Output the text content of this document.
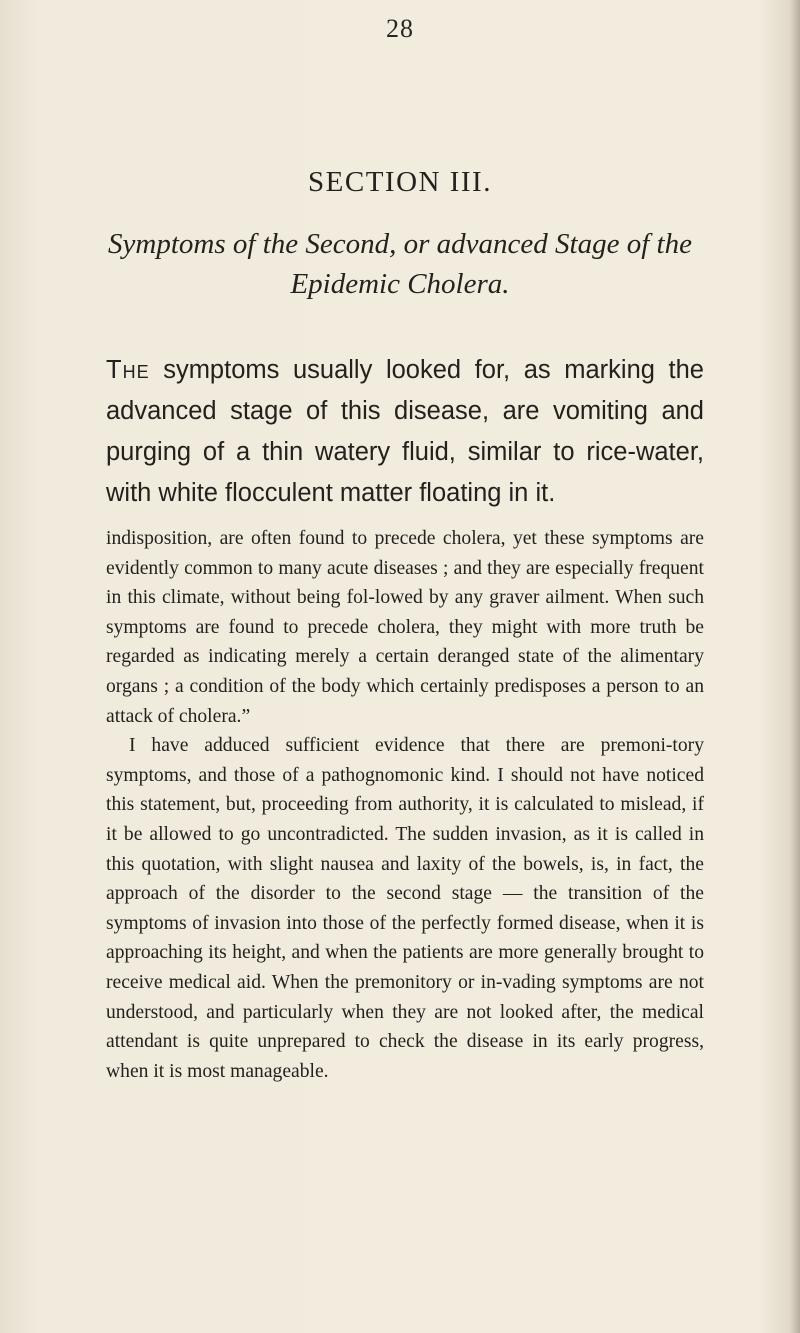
28
SECTION III.
Symptoms of the Second, or advanced Stage of the Epidemic Cholera.
The symptoms usually looked for, as marking the advanced stage of this disease, are vomiting and purging of a thin watery fluid, similar to rice-water, with white flocculent matter floating in it.

indisposition, are often found to precede cholera, yet these symptoms are evidently common to many acute diseases ; and they are especially frequent in this climate, without being fol-lowed by any graver ailment. When such symptoms are found to precede cholera, they might with more truth be regarded as indicating merely a certain deranged state of the alimentary organs ; a condition of the body which certainly predisposes a person to an attack of cholera.”

I have adduced sufficient evidence that there are premoni-tory symptoms, and those of a pathognomonic kind. I should not have noticed this statement, but, proceeding from authority, it is calculated to mislead, if it be allowed to go uncontradicted. The sudden invasion, as it is called in this quotation, with slight nausea and laxity of the bowels, is, in fact, the approach of the disorder to the second stage — the transition of the symptoms of invasion into those of the perfectly formed disease, when it is approaching its height, and when the patients are more generally brought to receive medical aid. When the premonitory or in-vading symptoms are not understood, and particularly when they are not looked after, the medical attendant is quite unprepared to check the disease in its early progress, when it is most manageable.
